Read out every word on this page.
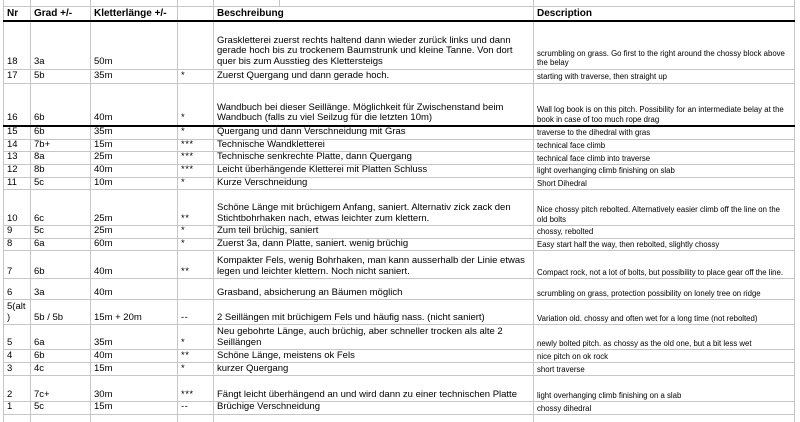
Nr	Grad +/-	Kletterlänge +/-		Beschreibung		Description
18	3a	50m		Graskletterei zuerst rechts haltend dann wieder zurück links und dann gerade hoch bis zu trockenem Baumstrunk und kleine Tanne. Von dort quer bis zum Ausstieg des Klettersteigs		scrumbling on grass. Go first to the right around the chossy block above the belay
17	5b	35m	*	Zuerst Quergang und dann gerade hoch.		starting with traverse, then straight up
16	6b	40m	*	Wandbuch bei dieser Seillänge. Möglichkeit für Zwischenstand beim Wandbuch (falls zu viel Seilzug für die letzten 10m)		Wall log book is on this pitch. Possibility for an intermediate belay at the book in case of too much rope drag
15	6b	35m	*	Quergang und dann Verschneidung mit Gras		traverse to the dihedral with gras
14	7b+	15m	***	Technische Wandkletterei		technical face climb
13	8a	25m	***	Technische senkrechte Platte, dann Quergang		technical face climb into traverse
12	8b	40m	***	Leicht überhängende Kletterei mit Platten Schluss		light overhanging climb finishing on slab
11	5c	10m	*	Kurze Verschneidung		Short Dihedral
10	6c	25m	**	Schöne Länge mit brüchigem Anfang, saniert. Alternativ zick zack den Stichtbohrhaken nach, etwas leichter zum klettern.		Nice chossy pitch rebolted. Alternatively easier climb off the line on the old bolts
9	5c	25m	*	Zum teil brüchig, saniert		chossy, rebolted
8	6a	60m	*	Zuerst 3a, dann Platte, saniert. wenig brüchig		Easy start half the way, then rebolted, slightly chossy
7	6b	40m	**	Kompakter Fels, wenig Bohrhaken, man kann ausserhalb der Linie etwas legen und leichter klettern. Noch nicht saniert.		Compact rock, not a lot of bolts, but possibility to place gear off the line.
6	3a	40m		Grasband, absicherung an Bäumen möglich		scrumbling on grass, protection possibility on lonely tree on ridge
5(alt)	5b / 5b	15m + 20m	--	2 Seillängen mit brüchigem Fels und häufig nass. (nicht saniert)		Variation old. chossy and often wet for a long time (not rebolted)
5	6a	35m	*	Neu gebohrte Länge, auch brüchig, aber schneller trocken als alte 2 Seillängen		newly bolted pitch. as chossy as the old one, but a bit less wet
4	6b	40m	**	Schöne Länge, meistens ok Fels		nice pitch on ok rock
3	4c	15m	*	kurzer Quergang		short traverse
2	7c+	30m	***	Fängt leicht überhängend an und wird dann zu einer technischen Platte		light overhanging climb finishing on a slab
1	5c	15m	--	Brüchige Verschneidung		chossy dihedral
